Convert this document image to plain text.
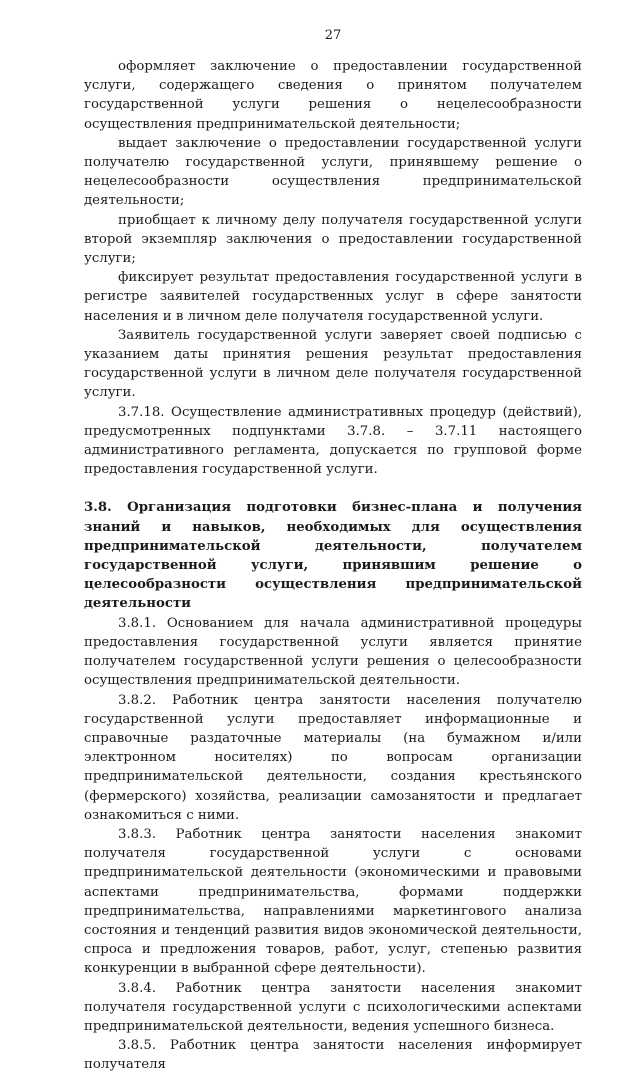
27

оформляет заключение о предоставлении государственной услуги, содержащего сведения о принятом получателем государственной услуги решения о нецелесообразности осуществления предпринимательской деятельности;

выдает заключение о предоставлении государственной услуги получателю государственной услуги, принявшему решение о нецелесообразности осуществления предпринимательской деятельности;

приобщает к личному делу получателя государственной услуги второй экземпляр заключения о предоставлении государственной услуги;

фиксирует результат предоставления государственной услуги в регистре заявителей государственных услуг в сфере занятости населения и в личном деле получателя государственной услуги.

Заявитель государственной услуги заверяет своей подписью с указанием даты принятия решения результат предоставления государственной услуги в личном деле получателя государственной услуги.

3.7.18. Осуществление административных процедур (действий), предусмотренных подпунктами 3.7.8. – 3.7.11 настоящего административного регламента, допускается по групповой форме предоставления государственной услуги.

3.8. Организация подготовки бизнес-плана и получения знаний и навыков, необходимых для осуществления предпринимательской деятельности, получателем государственной услуги, принявшим решение о целесообразности осуществления предпринимательской деятельности

3.8.1. Основанием для начала административной процедуры предоставления государственной услуги является принятие получателем государственной услуги решения о целесообразности осуществления предпринимательской деятельности.

3.8.2. Работник центра занятости населения получателю государственной услуги предоставляет информационные и справочные раздаточные материалы (на бумажном и/или электронном носителях) по вопросам организации предпринимательской деятельности, создания крестьянского (фермерского) хозяйства, реализации самозанятости и предлагает ознакомиться с ними.

3.8.3. Работник центра занятости населения знакомит получателя государственной услуги с основами предпринимательской деятельности (экономическими и правовыми аспектами предпринимательства, формами поддержки предпринимательства, направлениями маркетингового анализа состояния и тенденций развития видов экономической деятельности, спроса и предложения товаров, работ, услуг, степенью развития конкуренции в выбранной сфере деятельности).

3.8.4. Работник центра занятости населения знакомит получателя государственной услуги с психологическими аспектами предпринимательской деятельности, ведения успешного бизнеса.

3.8.5. Работник центра занятости населения информирует получателя
